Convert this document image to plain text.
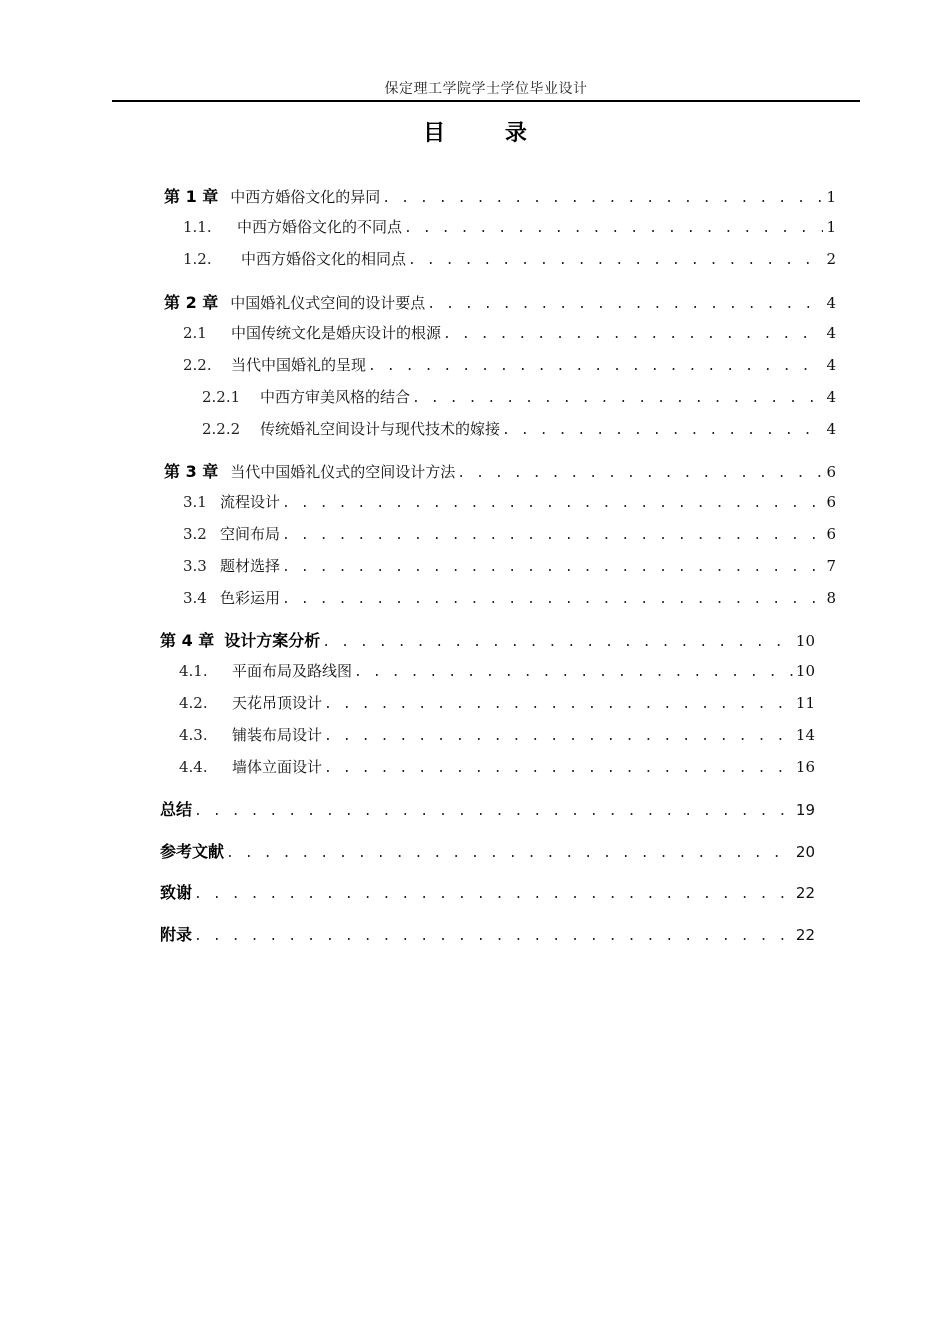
保定理工学院学士学位毕业设计
目 录
第 1 章 中西方婚俗文化的异同 . . .	1
1.1.	中西方婚俗文化的不同点 . . .	1
1.2.	中西方婚俗文化的相同点 . . .	2
第 2 章 中国婚礼仪式空间的设计要点 . . .	4
2.1	中国传统文化是婚庆设计的根源 . . .	4
2.2.	当代中国婚礼的呈现 . . .	4
2.2.1	中西方审美风格的结合 . . .	4
2.2.2	传统婚礼空间设计与现代技术的嫁接 . . .	4
第 3 章 当代中国婚礼仪式的空间设计方法 . . .	6
3.1 流程设计 . . .	6
3.2 空间布局 . . .	6
3.3 题材选择 . . .	7
3.4 色彩运用 . . .	8
第 4 章 设计方案分析 . . .	10
4.1.	平面布局及路线图 . . .	10
4.2.	天花吊顶设计 . . .	11
4.3.	铺装布局设计 . . .	14
4.4.	墙体立面设计 . . .	16
总结 . . .	19
参考文献 . . .	20
致谢 . . .	22
附录 . . .	22
